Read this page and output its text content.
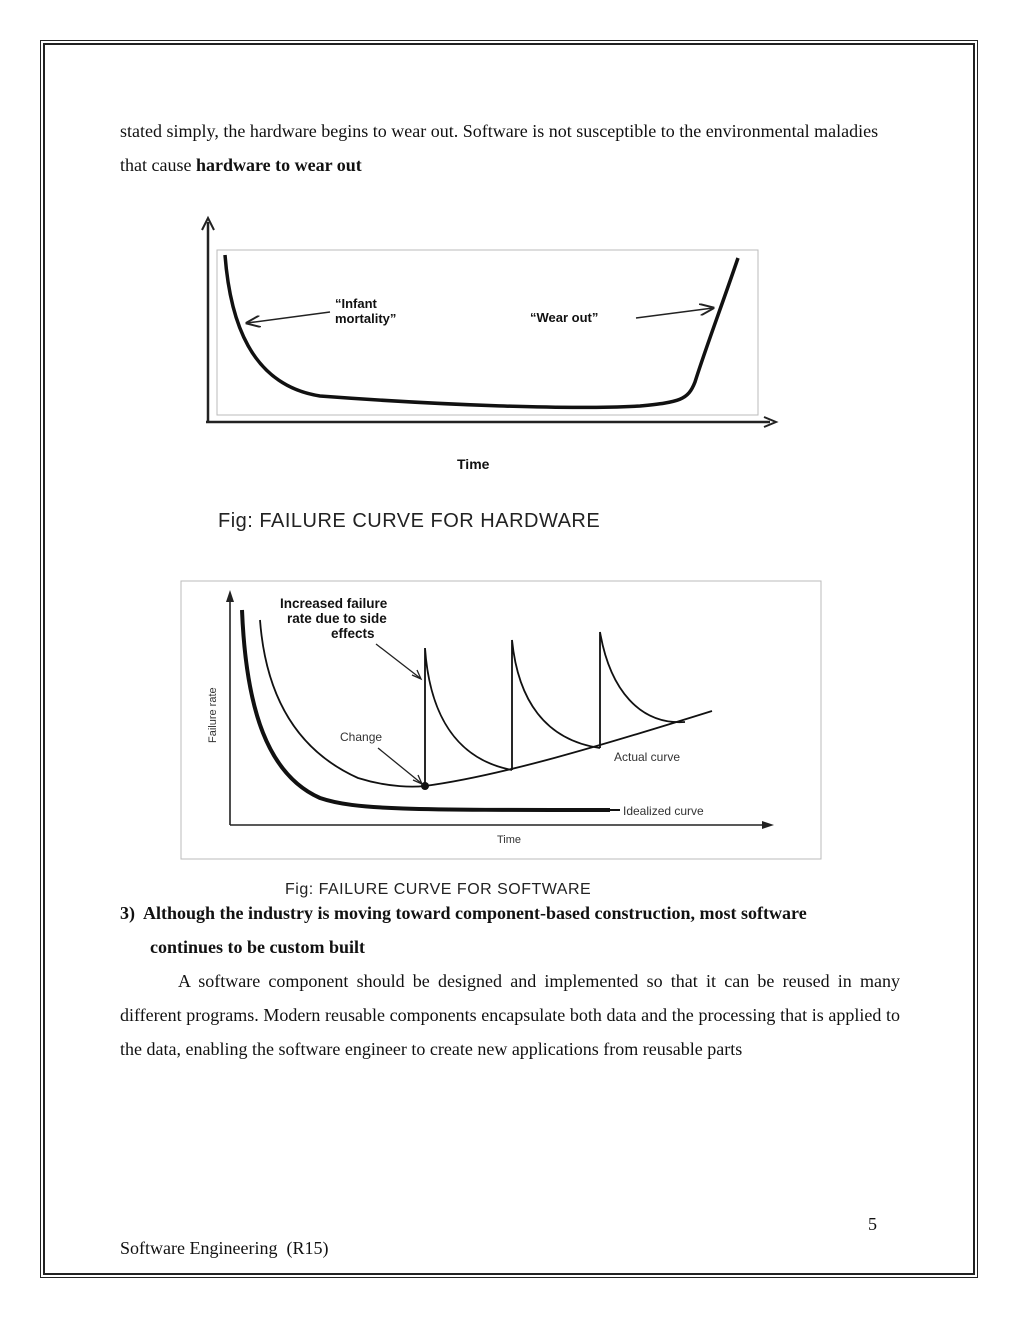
stated simply, the hardware begins to wear out. Software is not susceptible to the environmental maladies that cause hardware to wear out

“Infant
mortality”	“Wear out”
Time
Fig: FAILURE CURVE FOR HARDWARE
Increased failure
rate due to side
effects
Change
Actual curve
Idealized curve
Failure rate
Time
Fig: FAILURE CURVE FOR SOFTWARE
3)  Although the industry is moving toward component-based construction, most software
continues to be custom built

A software component should be designed and implemented so that it can be reused in many different programs. Modern reusable components encapsulate both data and the processing that is applied to the data, enabling the software engineer to create new applications from reusable parts

5
Software Engineering  (R15)
